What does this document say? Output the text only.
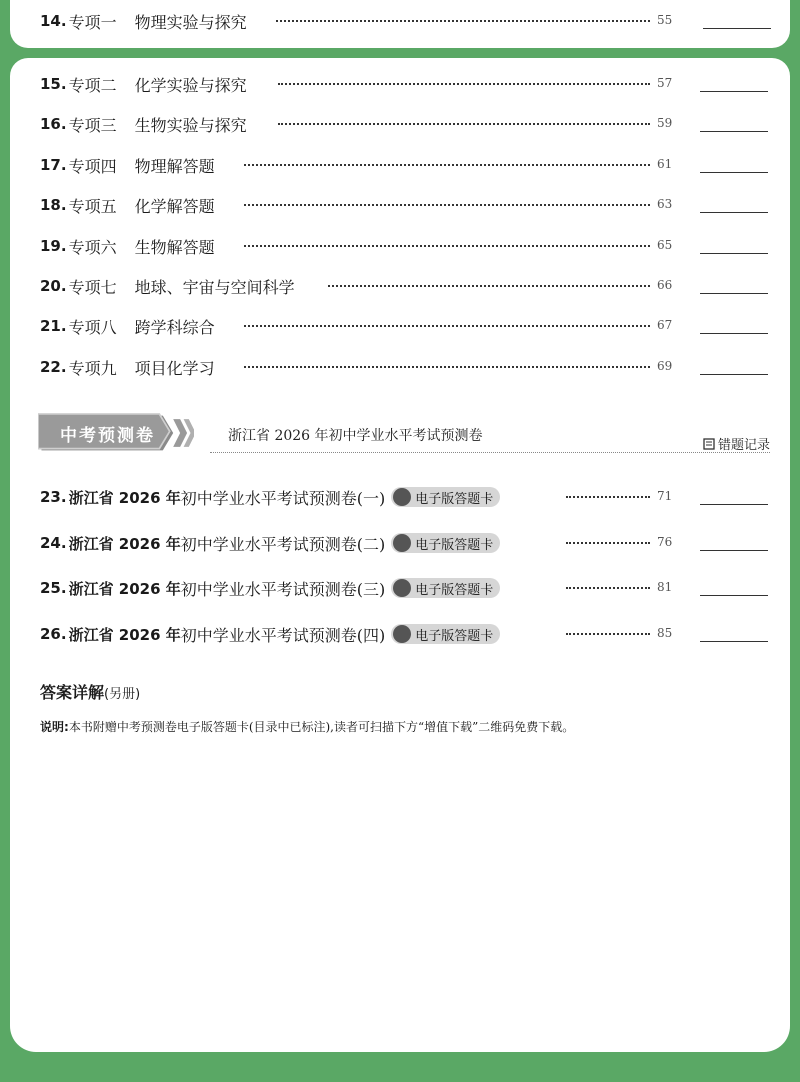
14. 专项一 物理实验与探究	55
15. 专项二 化学实验与探究	57
16. 专项三 生物实验与探究	59
17. 专项四 物理解答题	61
18. 专项五 化学解答题	63
19. 专项六 生物解答题	65
20. 专项七 地球、宇宙与空间科学	66
21. 专项八 跨学科综合	67
22. 专项九 项目化学习	69
中考预测卷	浙江省 2026 年初中学业水平考试预测卷
错题记录
23. 浙江省 2026 年 初中学业水平考试预测卷(一) 电子版答题卡	71
24. 浙江省 2026 年 初中学业水平考试预测卷(二) 电子版答题卡	76
25. 浙江省 2026 年 初中学业水平考试预测卷(三) 电子版答题卡	81
26. 浙江省 2026 年 初中学业水平考试预测卷(四) 电子版答题卡	85
答案详解(另册)
说明:本书附赠中考预测卷电子版答题卡(目录中已标注),读者可扫描下方“增值下载”二维码免费下载。
